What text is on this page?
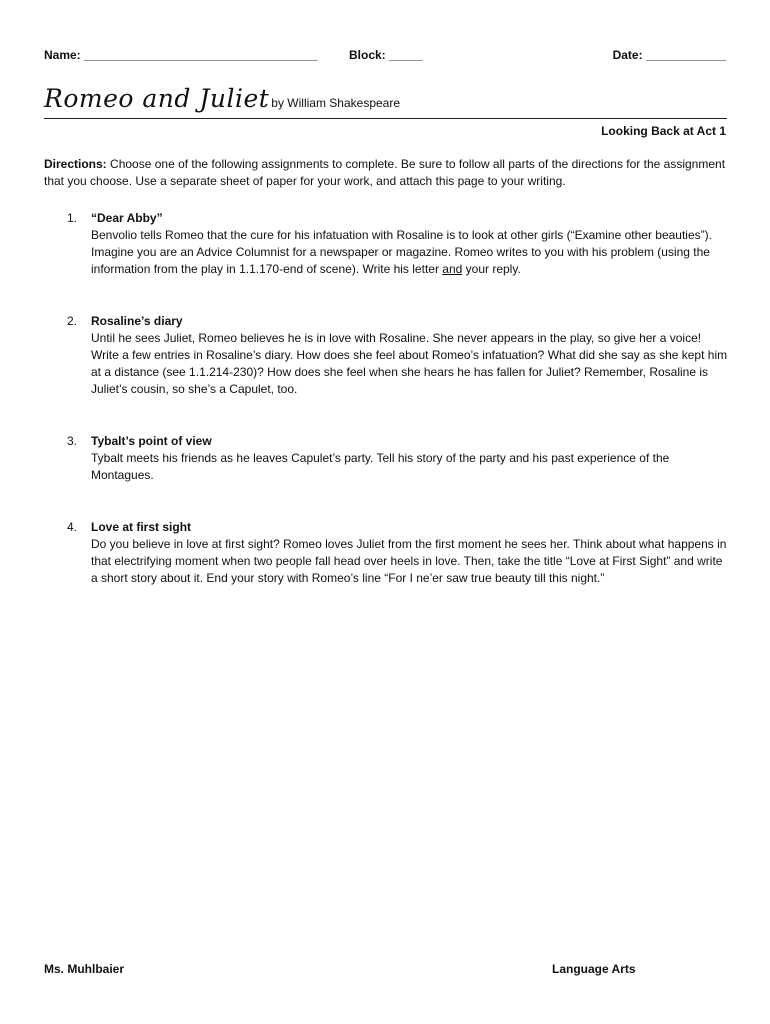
Name: ___________________________________	Block: _____	Date: ____________
Romeo and Juliet by William Shakespeare
Looking Back at Act 1
Directions: Choose one of the following assignments to complete. Be sure to follow all parts of the directions for the assignment that you choose. Use a separate sheet of paper for your work, and attach this page to your writing.
1. “Dear Abby”
Benvolio tells Romeo that the cure for his infatuation with Rosaline is to look at other girls (“Examine other beauties”). Imagine you are an Advice Columnist for a newspaper or magazine. Romeo writes to you with his problem (using the information from the play in 1.1.170-end of scene). Write his letter and your reply.
2. Rosaline’s diary
Until he sees Juliet, Romeo believes he is in love with Rosaline. She never appears in the play, so give her a voice! Write a few entries in Rosaline’s diary. How does she feel about Romeo’s infatuation? What did she say as she kept him at a distance (see 1.1.214-230)? How does she feel when she hears he has fallen for Juliet? Remember, Rosaline is Juliet’s cousin, so she’s a Capulet, too.
3. Tybalt’s point of view
Tybalt meets his friends as he leaves Capulet’s party. Tell his story of the party and his past experience of the Montagues.
4. Love at first sight
Do you believe in love at first sight? Romeo loves Juliet from the first moment he sees her. Think about what happens in that electrifying moment when two people fall head over heels in love. Then, take the title “Love at First Sight” and write a short story about it. End your story with Romeo’s line “For I ne’er saw true beauty till this night.”
Ms. Muhlbaier	Language Arts
